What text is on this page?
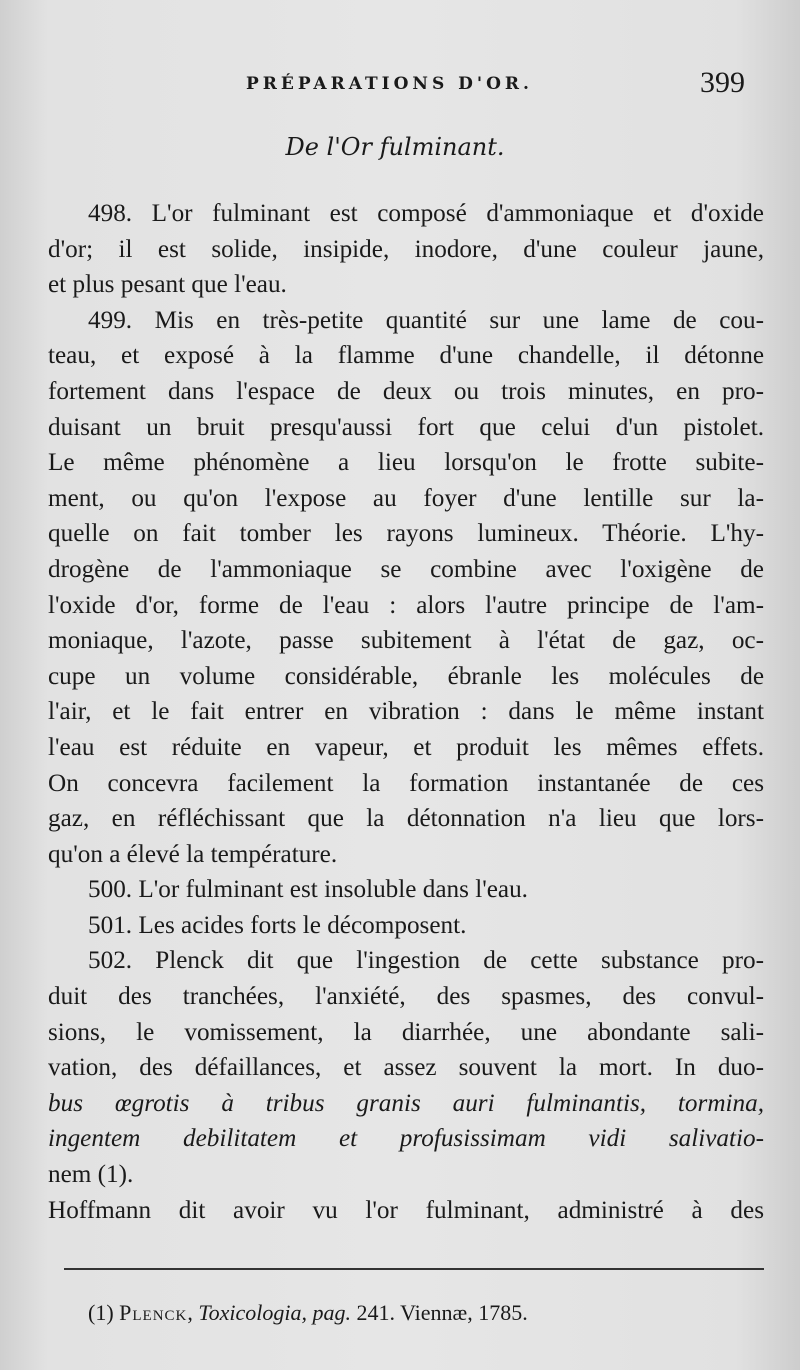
PRÉPARATIONS D'OR.	399
De l'Or fulminant.
498. L'or fulminant est composé d'ammoniaque et d'oxide
d'or; il est solide, insipide, inodore, d'une couleur jaune,
et plus pesant que l'eau.
499. Mis en très-petite quantité sur une lame de cou-
teau, et exposé à la flamme d'une chandelle, il détonne
fortement dans l'espace de deux ou trois minutes, en pro-
duisant un bruit presqu'aussi fort que celui d'un pistolet.
Le même phénomène a lieu lorsqu'on le frotte subite-
ment, ou qu'on l'expose au foyer d'une lentille sur la-
quelle on fait tomber les rayons lumineux. Théorie. L'hy-
drogène de l'ammoniaque se combine avec l'oxigène de
l'oxide d'or, forme de l'eau : alors l'autre principe de l'am-
moniaque, l'azote, passe subitement à l'état de gaz, oc-
cupe un volume considérable, ébranle les molécules de
l'air, et le fait entrer en vibration : dans le même instant
l'eau est réduite en vapeur, et produit les mêmes effets.
On concevra facilement la formation instantanée de ces
gaz, en réfléchissant que la détonnation n'a lieu que lors-
qu'on a élevé la température.
500. L'or fulminant est insoluble dans l'eau.
501. Les acides forts le décomposent.
502. Plenck dit que l'ingestion de cette substance pro-
duit des tranchées, l'anxiété, des spasmes, des convul-
sions, le vomissement, la diarrhée, une abondante sali-
vation, des défaillances, et assez souvent la mort. In duo-
bus œgrotis à tribus granis auri fulminantis, tormina,
ingentem debilitatem et profusissimam vidi salivatio-
nem (1).
Hoffmann dit avoir vu l'or fulminant, administré à des
(1) Plenck, Toxicologia, pag. 241. Viennæ, 1785.
